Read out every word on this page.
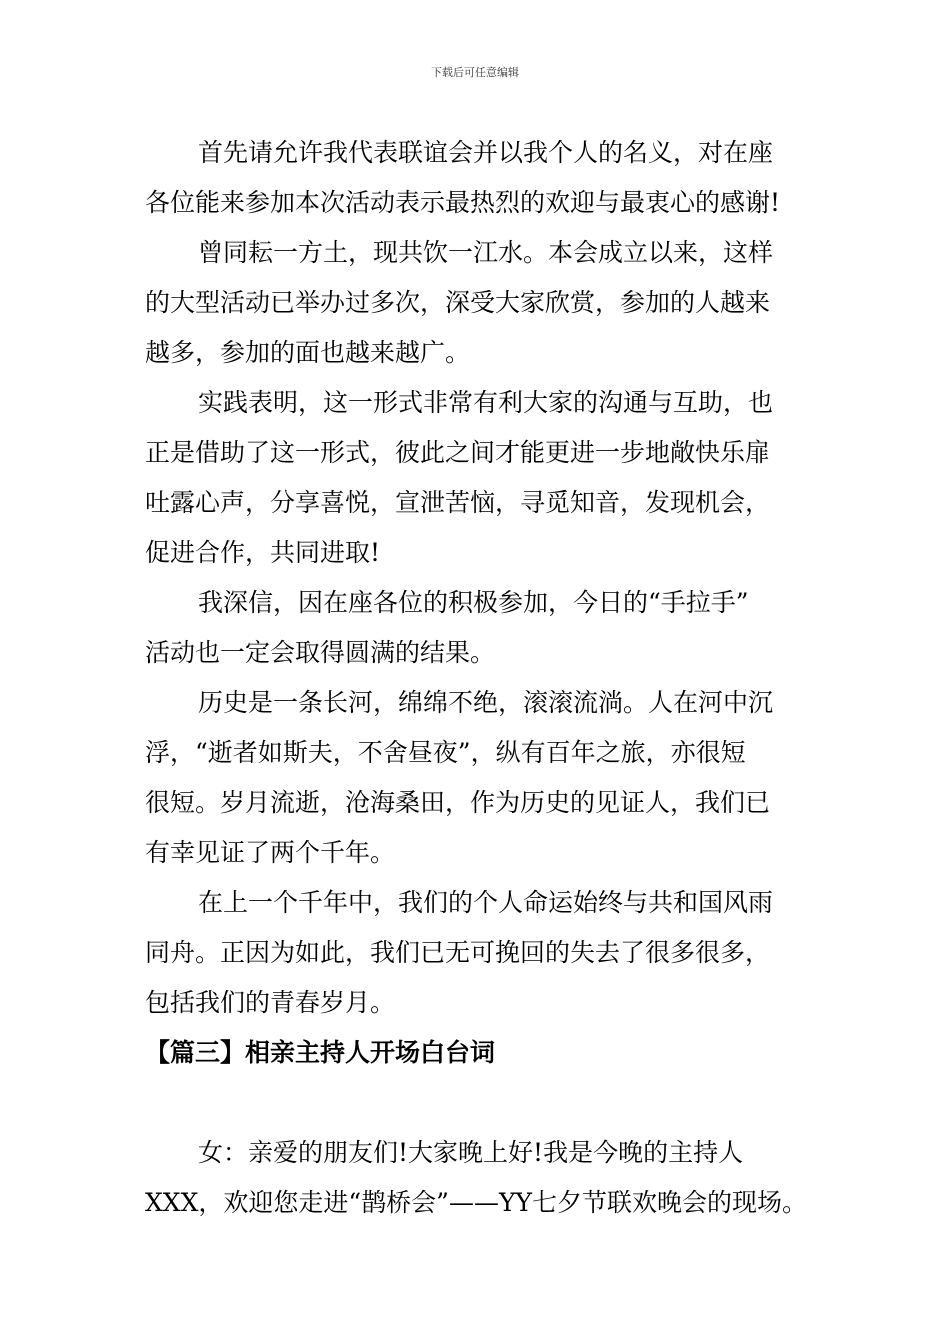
下载后可任意编辑

首先请允许我代表联谊会并以我个人的名义，对在座
各位能来参加本次活动表示最热烈的欢迎与最衷心的感谢!

曾同耘一方土，现共饮一江水。本会成立以来，这样
的大型活动已举办过多次，深受大家欣赏，参加的人越来
越多，参加的面也越来越广。

实践表明，这一形式非常有利大家的沟通与互助，也
正是借助了这一形式，彼此之间才能更进一步地敞快乐扉
吐露心声，分享喜悦，宣泄苦恼，寻觅知音，发现机会，
促进合作，共同进取!

我深信，因在座各位的积极参加，今日的“手拉手”
活动也一定会取得圆满的结果。

历史是一条长河，绵绵不绝，滚滚流淌。人在河中沉
浮，“逝者如斯夫，不舍昼夜”，纵有百年之旅，亦很短
很短。岁月流逝，沧海桑田，作为历史的见证人，我们已
有幸见证了两个千年。

在上一个千年中，我们的个人命运始终与共和国风雨
同舟。正因为如此，我们已无可挽回的失去了很多很多，
包括我们的青春岁月。

【篇三】相亲主持人开场白台词

女：亲爱的朋友们!大家晚上好!我是今晚的主持人
XXX，欢迎您走进“鹊桥会”——YY七夕节联欢晚会的现场。
